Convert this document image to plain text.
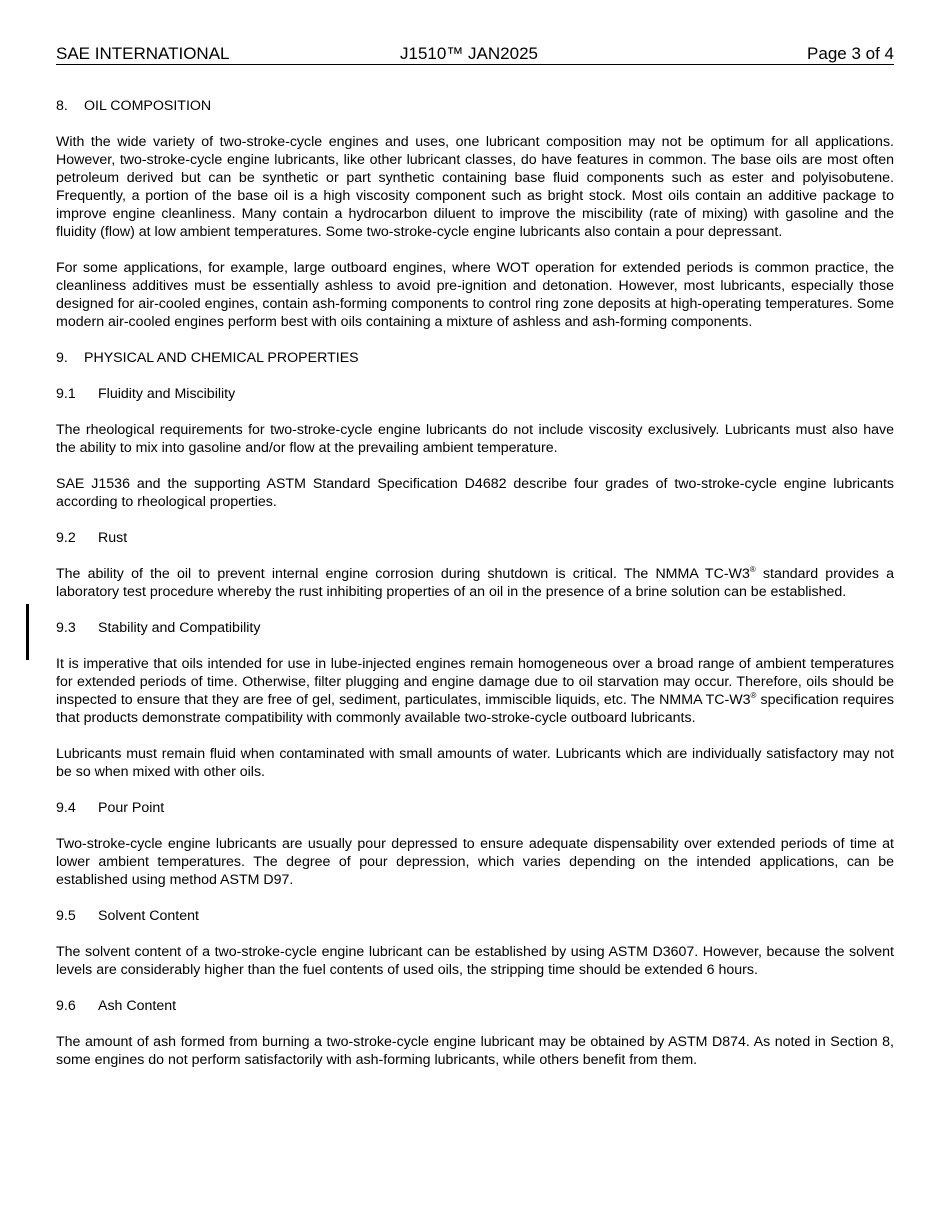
SAE INTERNATIONAL	J1510™ JAN2025	Page 3 of 4
8. OIL COMPOSITION

With the wide variety of two-stroke-cycle engines and uses, one lubricant composition may not be optimum for all applications. However, two-stroke-cycle engine lubricants, like other lubricant classes, do have features in common. The base oils are most often petroleum derived but can be synthetic or part synthetic containing base fluid components such as ester and polyisobutene. Frequently, a portion of the base oil is a high viscosity component such as bright stock. Most oils contain an additive package to improve engine cleanliness. Many contain a hydrocarbon diluent to improve the miscibility (rate of mixing) with gasoline and the fluidity (flow) at low ambient temperatures. Some two-stroke-cycle engine lubricants also contain a pour depressant.

For some applications, for example, large outboard engines, where WOT operation for extended periods is common practice, the cleanliness additives must be essentially ashless to avoid pre-ignition and detonation. However, most lubricants, especially those designed for air-cooled engines, contain ash-forming components to control ring zone deposits at high-operating temperatures. Some modern air-cooled engines perform best with oils containing a mixture of ashless and ash-forming components.

9. PHYSICAL AND CHEMICAL PROPERTIES
9.1 Fluidity and Miscibility

The rheological requirements for two-stroke-cycle engine lubricants do not include viscosity exclusively. Lubricants must also have the ability to mix into gasoline and/or flow at the prevailing ambient temperature.

SAE J1536 and the supporting ASTM Standard Specification D4682 describe four grades of two-stroke-cycle engine lubricants according to rheological properties.

9.2 Rust

The ability of the oil to prevent internal engine corrosion during shutdown is critical. The NMMA TC-W3® standard provides a laboratory test procedure whereby the rust inhibiting properties of an oil in the presence of a brine solution can be established.

9.3 Stability and Compatibility

It is imperative that oils intended for use in lube-injected engines remain homogeneous over a broad range of ambient temperatures for extended periods of time. Otherwise, filter plugging and engine damage due to oil starvation may occur. Therefore, oils should be inspected to ensure that they are free of gel, sediment, particulates, immiscible liquids, etc. The NMMA TC-W3® specification requires that products demonstrate compatibility with commonly available two-stroke-cycle outboard lubricants.

Lubricants must remain fluid when contaminated with small amounts of water. Lubricants which are individually satisfactory may not be so when mixed with other oils.

9.4 Pour Point

Two-stroke-cycle engine lubricants are usually pour depressed to ensure adequate dispensability over extended periods of time at lower ambient temperatures. The degree of pour depression, which varies depending on the intended applications, can be established using method ASTM D97.

9.5 Solvent Content

The solvent content of a two-stroke-cycle engine lubricant can be established by using ASTM D3607. However, because the solvent levels are considerably higher than the fuel contents of used oils, the stripping time should be extended 6 hours.

9.6 Ash Content

The amount of ash formed from burning a two-stroke-cycle engine lubricant may be obtained by ASTM D874. As noted in Section 8, some engines do not perform satisfactorily with ash-forming lubricants, while others benefit from them.
